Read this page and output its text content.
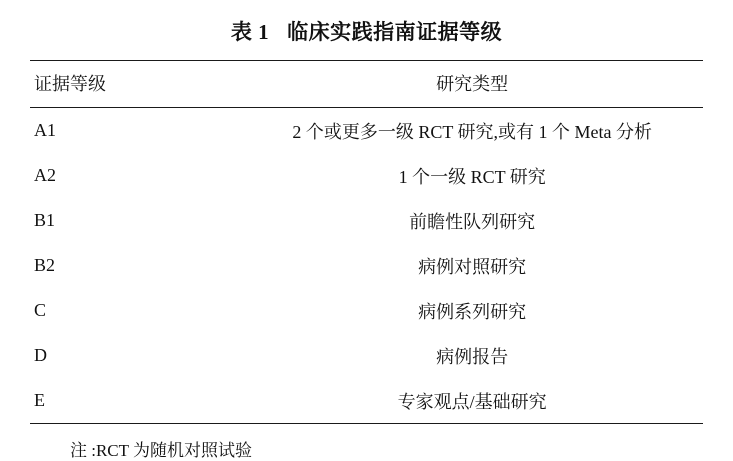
表 1 临床实践指南证据等级
证据等级	研究类型
A1	2 个或更多一级 RCT 研究,或有 1 个 Meta 分析
A2	1 个一级 RCT 研究
B1	前瞻性队列研究
B2	病例对照研究
C	病例系列研究
D	病例报告
E	专家观点/基础研究
注 :RCT 为随机对照试验
